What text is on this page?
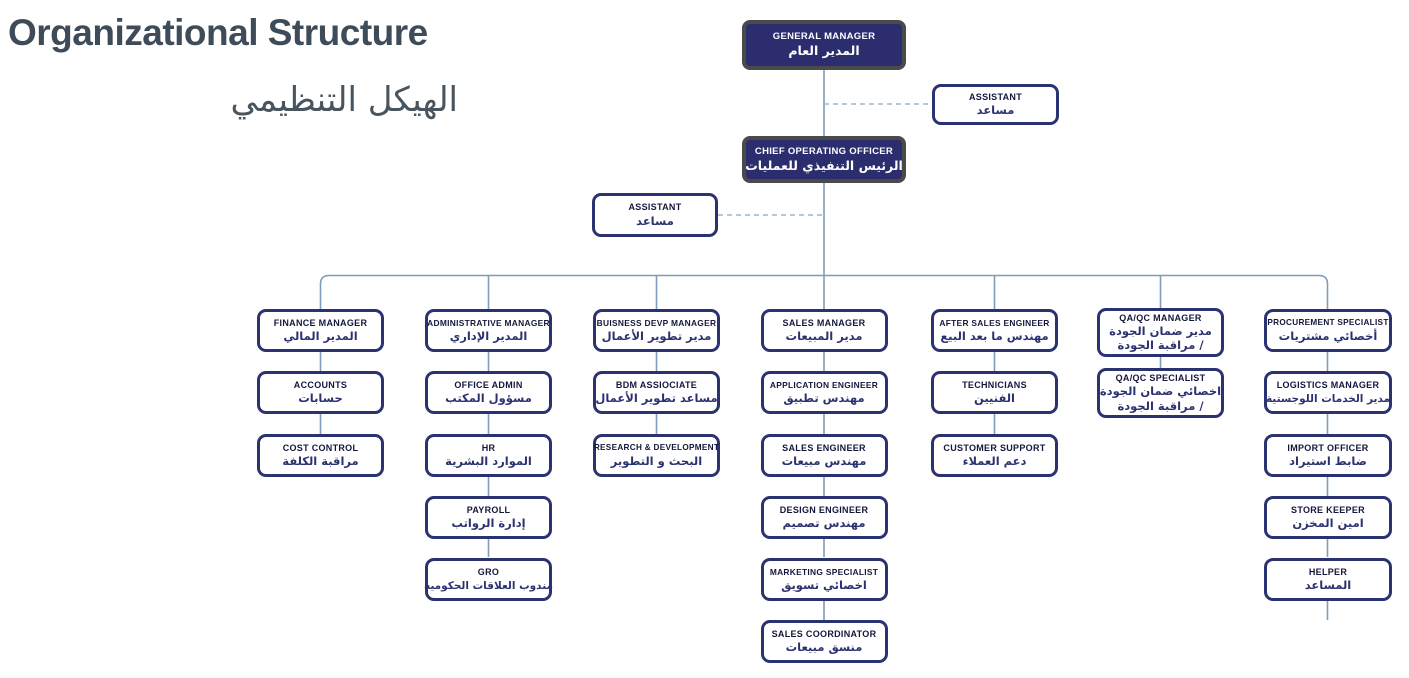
Organizational Structure
الهيكل التنظيمي
GENERAL MANAGER
المدير العام
ASSISTANT
مساعد
CHIEF OPERATING OFFICER
الرئيس التنفيذي للعمليات
ASSISTANT
مساعد
FINANCE MANAGER
المدير المالي
ACCOUNTS
حسابات
COST CONTROL
مراقبة الكلفة
ADMINISTRATIVE MANAGER
المدير الإداري
OFFICE ADMIN
مسؤول المكتب
HR
الموارد البشرية
PAYROLL
إدارة الرواتب
GRO
مندوب العلاقات الحكومية
BUISNESS DEVP MANAGER
مدير تطوير الأعمال
BDM ASSIOCIATE
مساعد تطوير الأعمال
RESEARCH & DEVELOPMENT
البحث و التطوير
SALES MANAGER
مدير المبيعات
APPLICATION ENGINEER
مهندس تطبيق
SALES ENGINEER
مهندس مبيعات
DESIGN ENGINEER
مهندس تصميم
MARKETING SPECIALIST
اخصائي تسويق
SALES COORDINATOR
منسق مبيعات
AFTER SALES ENGINEER
مهندس ما بعد البيع
TECHNICIANS
الفنيين
CUSTOMER SUPPORT
دعم العملاء
QA/QC MANAGER
مدير ضمان الجودة
/ مراقبة الجودة
QA/QC SPECIALIST
اخصائي ضمان الجودة
/ مراقبة الجودة
PROCUREMENT SPECIALIST
أخصائي مشتريات
LOGISTICS MANAGER
مدير الخدمات اللوجستية
IMPORT OFFICER
ضابط استيراد
STORE KEEPER
امين المخزن
HELPER
المساعد
